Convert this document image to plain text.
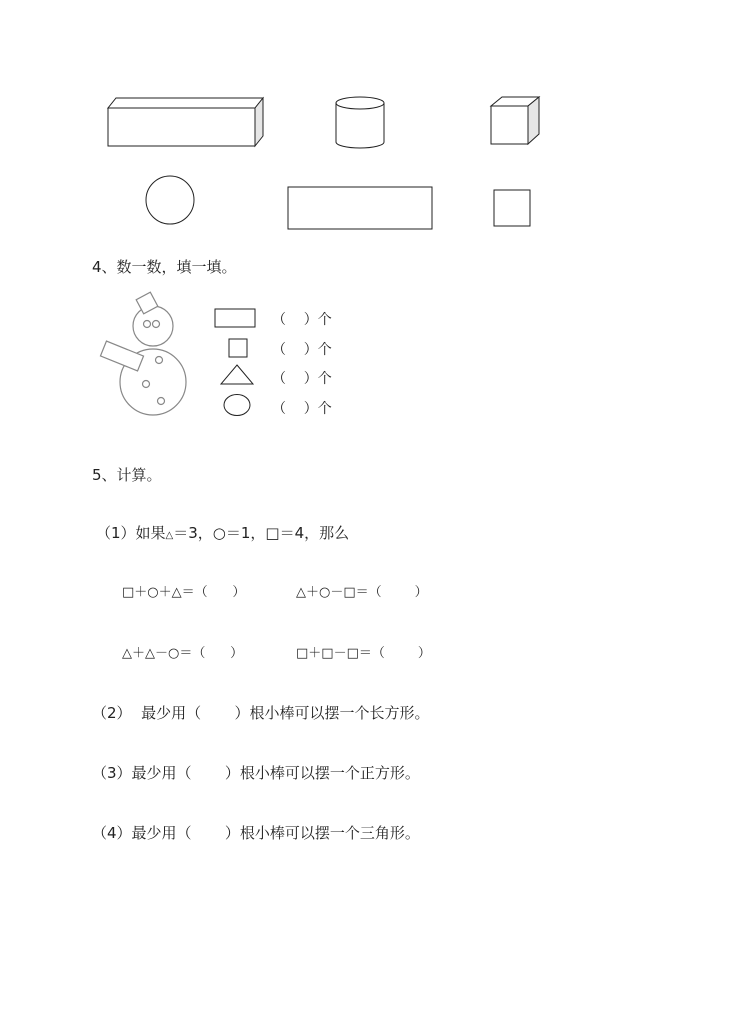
4、数一数，填一填。
（    ）个
（    ）个
（    ）个
（    ）个
5、计算。
（1）如果△＝3，○＝1，□＝4，那么
□＋○＋△＝（      ）	△＋○－□＝（        ）
△＋△－○＝（      ）	□＋□－□＝（        ）
（2）  最少用（       ）根小棒可以摆一个长方形。
（3）最少用（       ）根小棒可以摆一个正方形。
（4）最少用（       ）根小棒可以摆一个三角形。
